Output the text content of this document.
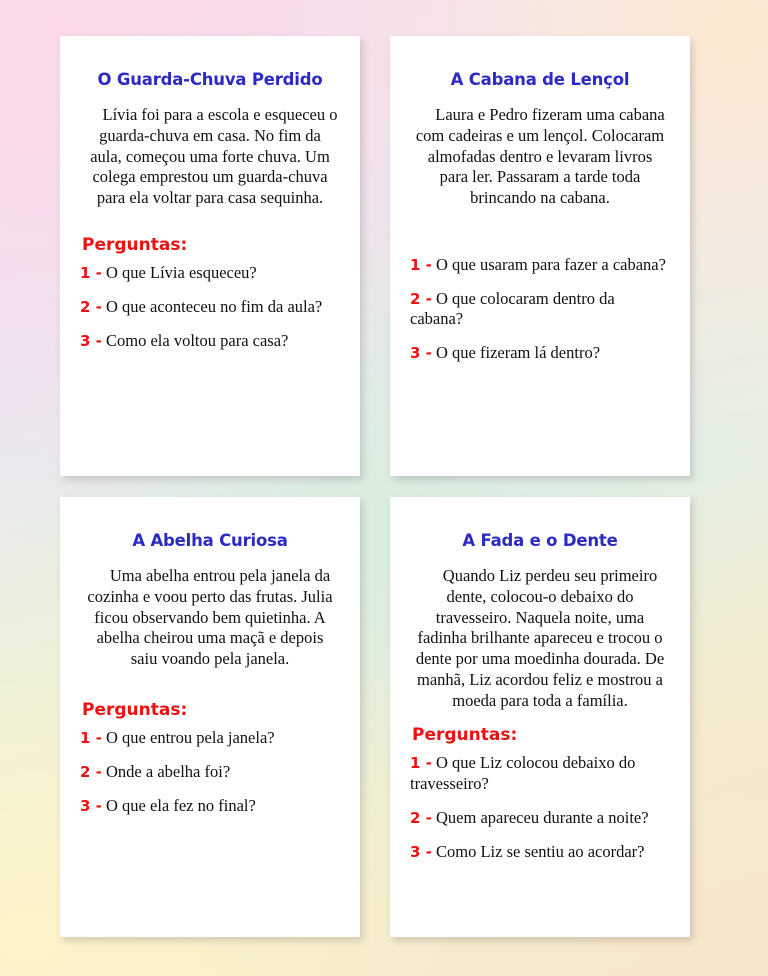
O Guarda-Chuva Perdido
Lívia foi para a escola e esqueceu o guarda-chuva em casa. No fim da aula, começou uma forte chuva. Um colega emprestou um guarda-chuva para ela voltar para casa sequinha.
Perguntas:
1 - O que Lívia esqueceu?
2 - O que aconteceu no fim da aula?
3 - Como ela voltou para casa?
A Cabana de Lençol
Laura e Pedro fizeram uma cabana com cadeiras e um lençol. Colocaram almofadas dentro e levaram livros para ler. Passaram a tarde toda brincando na cabana.
1 - O que usaram para fazer a cabana?
2 - O que colocaram dentro da cabana?
3 - O que fizeram lá dentro?
A Abelha Curiosa
Uma abelha entrou pela janela da cozinha e voou perto das frutas. Julia ficou observando bem quietinha. A abelha cheirou uma maçã e depois saiu voando pela janela.
Perguntas:
1 - O que entrou pela janela?
2 - Onde a abelha foi?
3 - O que ela fez no final?
A Fada e o Dente
Quando Liz perdeu seu primeiro dente, colocou-o debaixo do travesseiro. Naquela noite, uma fadinha brilhante apareceu e trocou o dente por uma moedinha dourada. De manhã, Liz acordou feliz e mostrou a moeda para toda a família.
Perguntas:
1 - O que Liz colocou debaixo do travesseiro?
2 - Quem apareceu durante a noite?
3 - Como Liz se sentiu ao acordar?
